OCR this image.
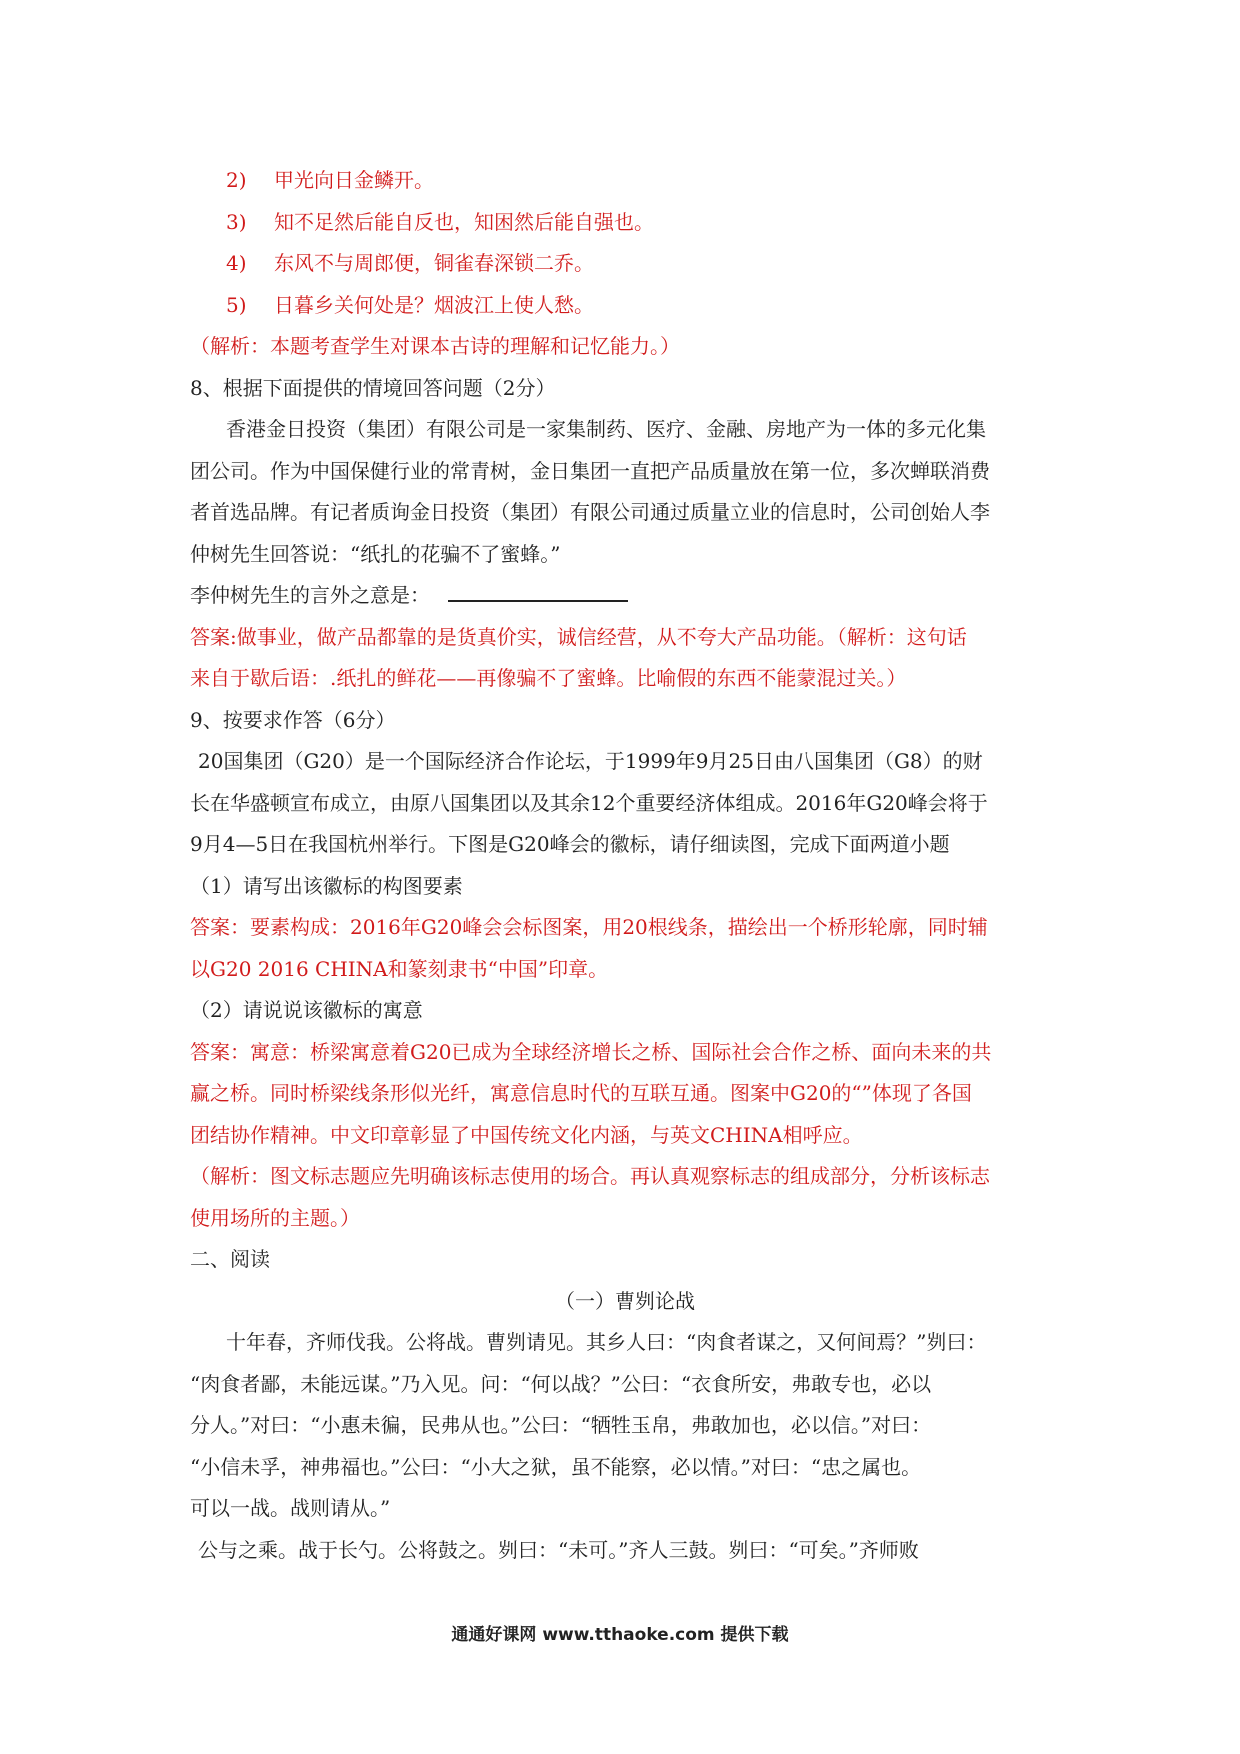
2) 甲光向日金鳞开。
3) 知不足然后能自反也，知困然后能自强也。
4) 东风不与周郎便，铜雀春深锁二乔。
5) 日暮乡关何处是？烟波江上使人愁。
（解析：本题考查学生对课本古诗的理解和记忆能力。）
8、根据下面提供的情境回答问题（2分）
香港金日投资（集团）有限公司是一家集制药、医疗、金融、房地产为一体的多元化集
团公司。作为中国保健行业的常青树，金日集团一直把产品质量放在第一位，多次蝉联消费
者首选品牌。有记者质询金日投资（集团）有限公司通过质量立业的信息时，公司创始人李
仲树先生回答说：“纸扎的花骗不了蜜蜂。”
李仲树先生的言外之意是：
答案:做事业，做产品都靠的是货真价实，诚信经营，从不夸大产品功能。（解析：这句话
来自于歇后语：.纸扎的鲜花——再像骗不了蜜蜂。比喻假的东西不能蒙混过关。）
9、按要求作答（6分）
20国集团（G20）是一个国际经济合作论坛，于1999年9月25日由八国集团（G8）的财
长在华盛顿宣布成立，由原八国集团以及其余12个重要经济体组成。2016年G20峰会将于
9月4—5日在我国杭州举行。下图是G20峰会的徽标，请仔细读图，完成下面两道小题
（1）请写出该徽标的构图要素
答案：要素构成：2016年G20峰会会标图案，用20根线条，描绘出一个桥形轮廓，同时辅
以G20 2016 CHINA和篆刻隶书“中国”印章。
（2）请说说该徽标的寓意
答案：寓意：桥梁寓意着G20已成为全球经济增长之桥、国际社会合作之桥、面向未来的共
赢之桥。同时桥梁线条形似光纤，寓意信息时代的互联互通。图案中G20的“”体现了各国
团结协作精神。中文印章彰显了中国传统文化内涵，与英文CHINA相呼应。
（解析：图文标志题应先明确该标志使用的场合。再认真观察标志的组成部分，分析该标志
使用场所的主题。）
二、阅读
（一）曹刿论战
十年春，齐师伐我。公将战。曹刿请见。其乡人曰：“肉食者谋之，又何间焉？”刿曰：
“肉食者鄙，未能远谋。”乃入见。问：“何以战？”公曰：“衣食所安，弗敢专也，必以
分人。”对曰：“小惠未徧，民弗从也。”公曰：“牺牲玉帛，弗敢加也，必以信。”对曰：
“小信未孚，神弗福也。”公曰：“小大之狱，虽不能察，必以情。”对曰：“忠之属也。
可以一战。战则请从。”
公与之乘。战于长勺。公将鼓之。刿曰：“未可。”齐人三鼓。刿曰：“可矣。”齐师败
通通好课网 www.tthaoke.com 提供下载
